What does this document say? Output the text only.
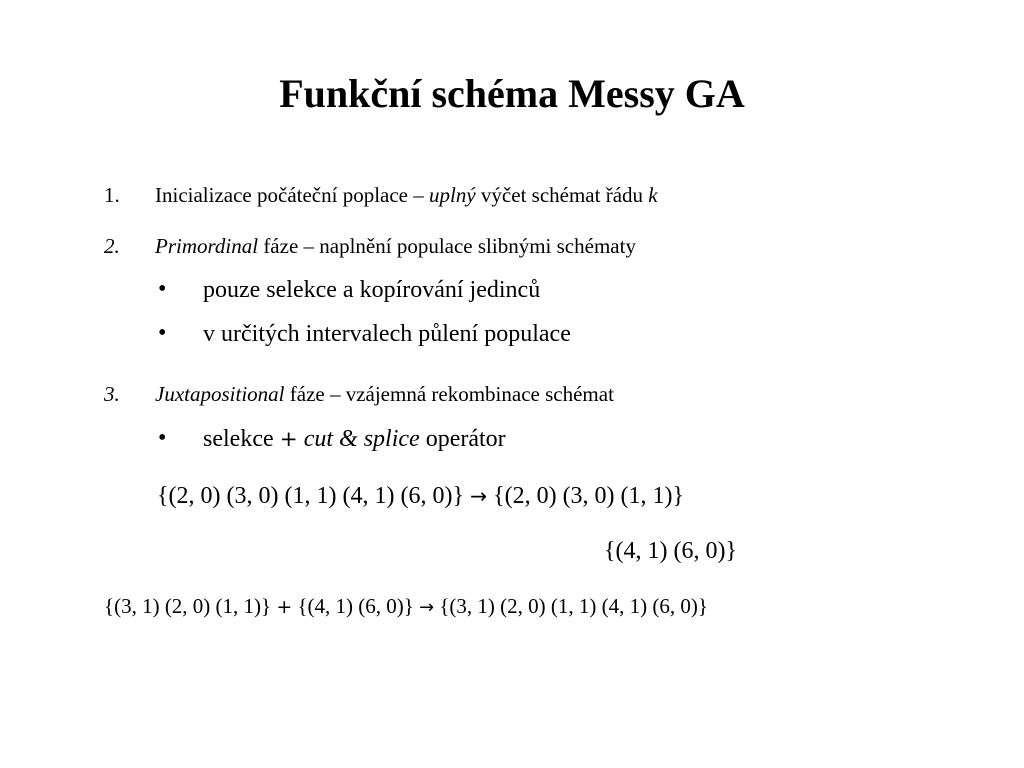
Funkční schéma Messy GA
1. Inicializace počáteční poplace – uplný výčet schémat řádu k
2. Primordinal fáze – naplnění populace slibnými schématy
• pouze selekce a kopírování jedinců
• v určitých intervalech půlení populace
3. Juxtapositional fáze – vzájemná rekombinace schémat
• selekce + cut & splice operátor
{(2, 0) (3, 0) (1, 1) (4, 1) (6, 0)} → {(2, 0) (3, 0) (1, 1)}
{(4, 1) (6, 0)}
{(3, 1) (2, 0) (1, 1)} + {(4, 1) (6, 0)} → {(3, 1) (2, 0) (1, 1) (4, 1) (6, 0)}
